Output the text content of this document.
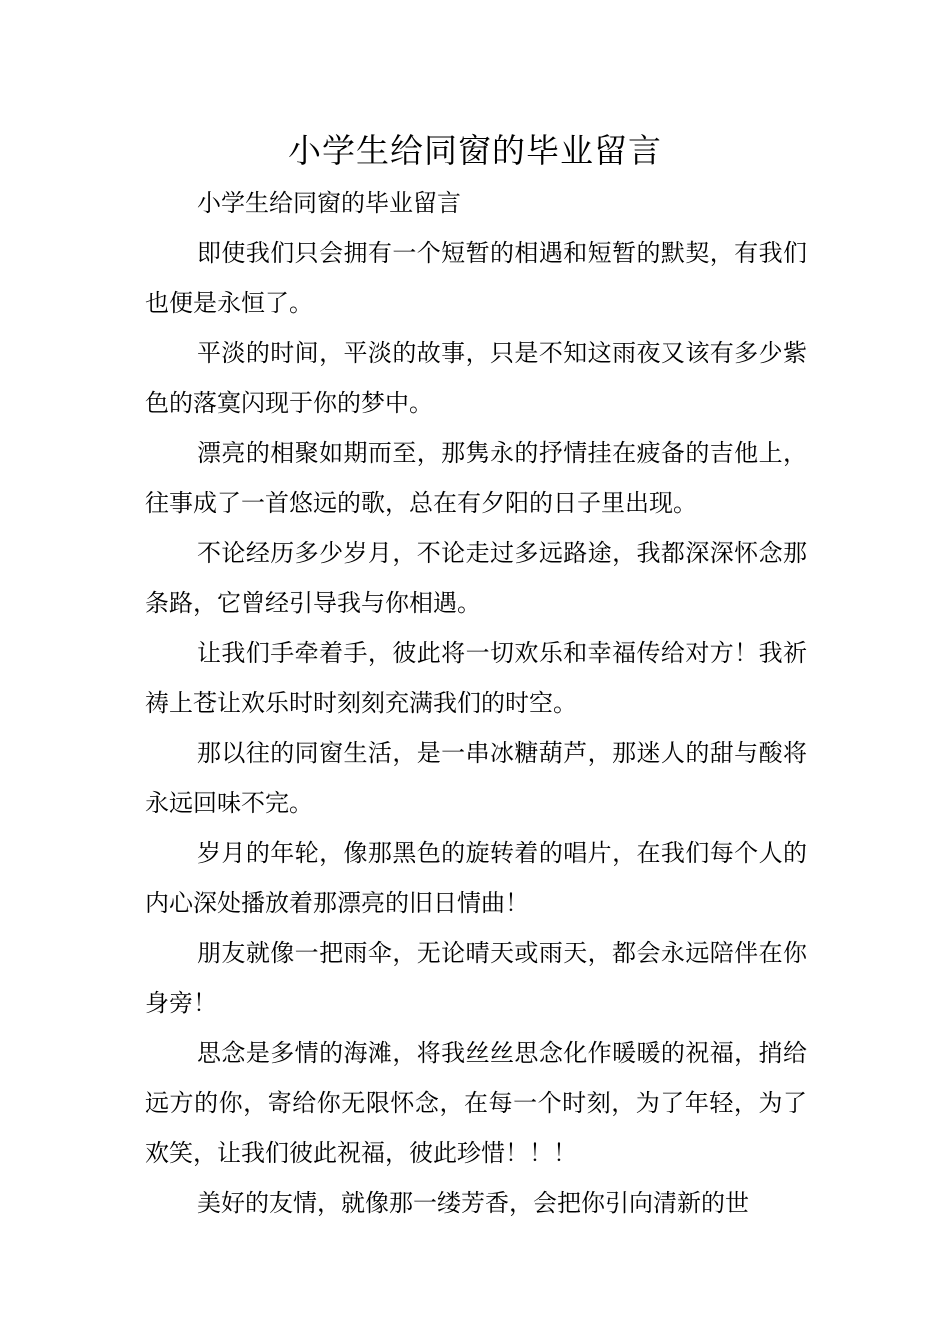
小学生给同窗的毕业留言

小学生给同窗的毕业留言

即使我们只会拥有一个短暂的相遇和短暂的默契，有我们也便是永恒了。

平淡的时间，平淡的故事，只是不知这雨夜又该有多少紫色的落寞闪现于你的梦中。

漂亮的相聚如期而至，那隽永的抒情挂在疲备的吉他上，往事成了一首悠远的歌，总在有夕阳的日子里出现。

不论经历多少岁月，不论走过多远路途，我都深深怀念那条路，它曾经引导我与你相遇。

让我们手牵着手，彼此将一切欢乐和幸福传给对方！我祈祷上苍让欢乐时时刻刻充满我们的时空。

那以往的同窗生活，是一串冰糖葫芦，那迷人的甜与酸将永远回味不完。

岁月的年轮，像那黑色的旋转着的唱片，在我们每个人的内心深处播放着那漂亮的旧日情曲！

朋友就像一把雨伞，无论晴天或雨天，都会永远陪伴在你身旁！

思念是多情的海滩，将我丝丝思念化作暖暖的祝福，捎给远方的你，寄给你无限怀念，在每一个时刻，为了年轻，为了欢笑，让我们彼此祝福，彼此珍惜！！！

美好的友情，就像那一缕芳香，会把你引向清新的世
